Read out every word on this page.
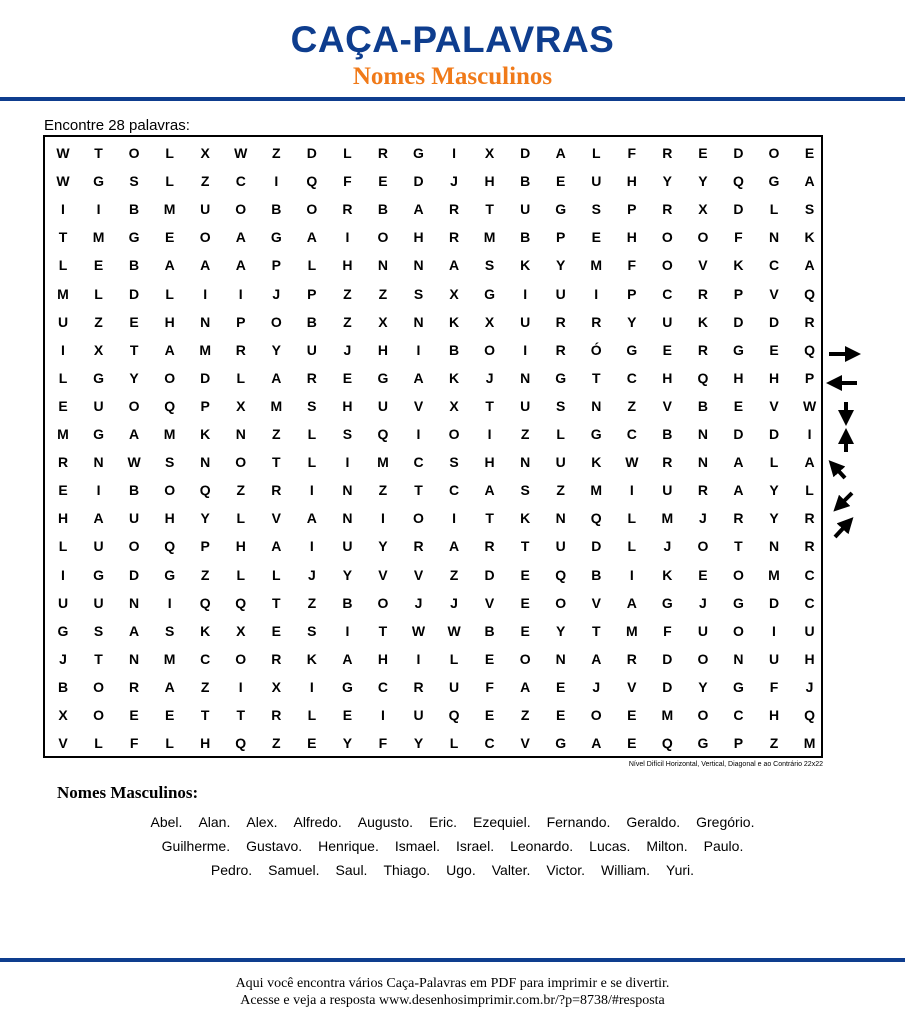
CAÇA-PALAVRAS
Nomes Masculinos
Encontre 28 palavras:
W	T	O	L	X	W	Z	D	L	R	G	I	X	D	A	L	F	R	E	D	O	E
W	G	S	L	Z	C	I	Q	F	E	D	J	H	B	E	U	H	Y	Y	Q	G	A
I	I	B	M	U	O	B	O	R	B	A	R	T	U	G	S	P	R	X	D	L	S
T	M	G	E	O	A	G	A	I	O	H	R	M	B	P	E	H	O	O	F	N	K
L	E	B	A	A	A	P	L	H	N	N	A	S	K	Y	M	F	O	V	K	C	A
M	L	D	L	I	I	J	P	Z	Z	S	X	G	I	U	I	P	C	R	P	V	Q
U	Z	E	H	N	P	O	B	Z	X	N	K	X	U	R	R	Y	U	K	D	D	R
I	X	T	A	M	R	Y	U	J	H	I	B	O	I	R	Ó	G	E	R	G	E	Q
L	G	Y	O	D	L	A	R	E	G	A	K	J	N	G	T	C	H	Q	H	H	P
E	U	O	Q	P	X	M	S	H	U	V	X	T	U	S	N	Z	V	B	E	V	W
M	G	A	M	K	N	Z	L	S	Q	I	O	I	Z	L	G	C	B	N	D	D	I
R	N	W	S	N	O	T	L	I	M	C	S	H	N	U	K	W	R	N	A	L	A
E	I	B	O	Q	Z	R	I	N	Z	T	C	A	S	Z	M	I	U	R	A	Y	L
H	A	U	H	Y	L	V	A	N	I	O	I	T	K	N	Q	L	M	J	R	Y	R
L	U	O	Q	P	H	A	I	U	Y	R	A	R	T	U	D	L	J	O	T	N	R
I	G	D	G	Z	L	L	J	Y	V	V	Z	D	E	Q	B	I	K	E	O	M	C
U	U	N	I	Q	Q	T	Z	B	O	J	J	V	E	O	V	A	G	J	G	D	C
G	S	A	S	K	X	E	S	I	T	W	W	B	E	Y	T	M	F	U	O	I	U
J	T	N	M	C	O	R	K	A	H	I	L	E	O	N	A	R	D	O	N	U	H
B	O	R	A	Z	I	X	I	G	C	R	U	F	A	E	J	V	D	Y	G	F	J
X	O	E	E	T	T	R	L	E	I	U	Q	E	Z	E	O	E	M	O	C	H	Q
V	L	F	L	H	Q	Z	E	Y	F	Y	L	C	V	G	A	E	Q	G	P	Z	M
Nível Difícil Horizontal, Vertical, Diagonal e ao Contrário 22x22
Nomes Masculinos:
Abel. Alan. Alex. Alfredo. Augusto. Eric. Ezequiel. Fernando. Geraldo. Gregório.
Guilherme. Gustavo. Henrique. Ismael. Israel. Leonardo. Lucas. Milton. Paulo.
Pedro. Samuel. Saul. Thiago. Ugo. Valter. Victor. William. Yuri.
Aqui você encontra vários Caça-Palavras em PDF para imprimir e se divertir.
Acesse e veja a resposta www.desenhosimprimir.com.br/?p=8738/#resposta
